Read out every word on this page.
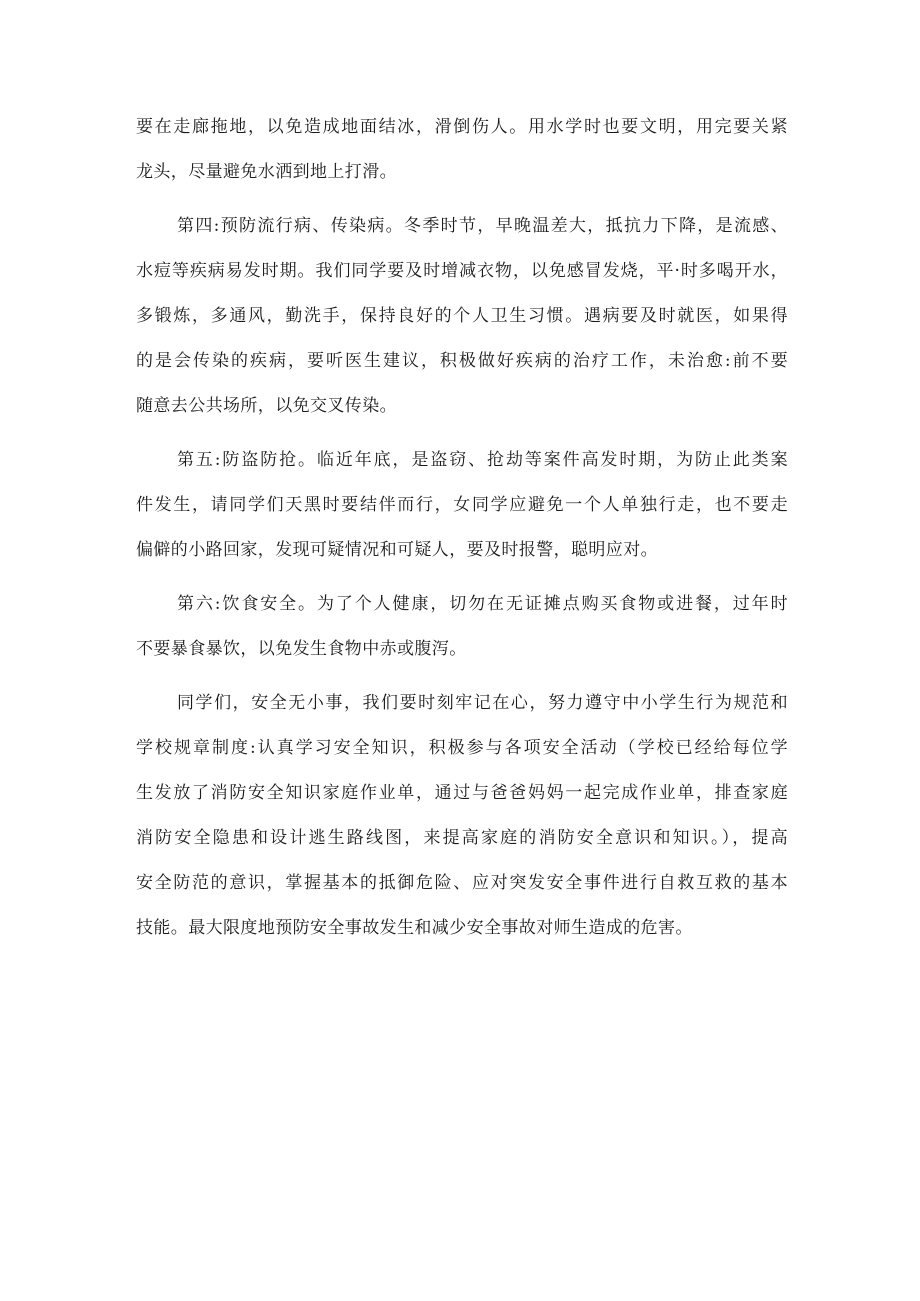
要在走廊拖地，以免造成地面结冰，滑倒伤人。用水学时也要文明，用完要关紧
龙头，尽量避免水洒到地上打滑。
第四:预防流行病、传染病。冬季时节，早晚温差大，抵抗力下降，是流感、
水痘等疾病易发时期。我们同学要及时增减衣物，以免感冒发烧，平·时多喝开水，
多锻炼，多通风，勤洗手，保持良好的个人卫生习惯。遇病要及时就医，如果得
的是会传染的疾病，要听医生建议，积极做好疾病的治疗工作，未治愈:前不要
随意去公共场所，以免交叉传染。
第五:防盗防抢。临近年底，是盗窃、抢劫等案件高发时期，为防止此类案
件发生，请同学们天黑时要结伴而行，女同学应避免一个人单独行走，也不要走
偏僻的小路回家，发现可疑情况和可疑人，要及时报警，聪明应对。
第六:饮食安全。为了个人健康，切勿在无证摊点购买食物或进餐，过年时
不要暴食暴饮，以免发生食物中赤或腹泻。
同学们，安全无小事，我们要时刻牢记在心，努力遵守中小学生行为规范和
学校规章制度:认真学习安全知识，积极参与各项安全活动（学校已经给每位学
生发放了消防安全知识家庭作业单，通过与爸爸妈妈一起完成作业单，排查家庭
消防安全隐患和设计逃生路线图，来提高家庭的消防安全意识和知识。），提高
安全防范的意识，掌握基本的抵御危险、应对突发安全事件进行自救互救的基本
技能。最大限度地预防安全事故发生和减少安全事故对师生造成的危害。
